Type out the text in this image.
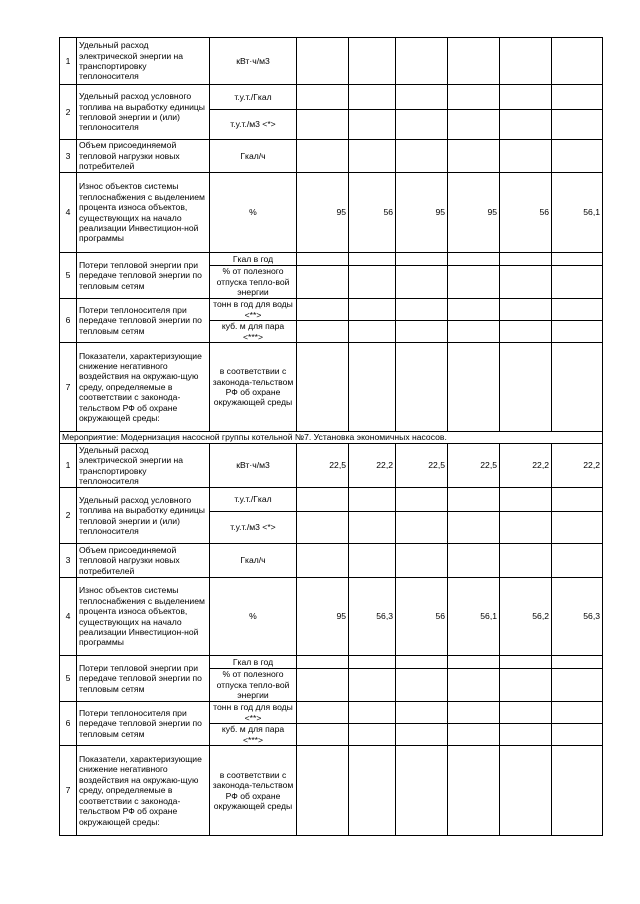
1	Удельный расход электрической энергии на транспортировку теплоносителя	кВт·ч/м3						
2	Удельный расход условного топлива на выработку единицы тепловой энергии и (или) теплоносителя	т.у.т./Гкал						
		т.у.т./м3 <*>						
3	Объем присоединяемой тепловой нагрузки новых потребителей	Гкал/ч						
4	Износ объектов системы теплоснабжения с выделением процента износа объектов, существующих на начало реализации Инвестицион-ной программы	%	95	56	95	95	56	56,1
5	Потери тепловой энергии при передаче тепловой энергии по тепловым сетям	Гкал в год						
		% от полезного отпуска тепло-вой энергии						
6	Потери теплоносителя при передаче тепловой энергии по тепловым сетям	тонн в год для воды <**>						
		куб. м для пара <***>						
7	Показатели, характеризующие снижение негативного воздействия на окружаю-щую среду, определяемые в соответствии с законода-тельством РФ об охране окружающей среды:	в соответствии с законода-тельством РФ об охране окружающей среды						
Мероприятие: Модернизация насосной группы котельной №7. Установка экономичных насосов.								
1	Удельный расход электрической энергии на транспортировку теплоносителя	кВт·ч/м3	22,5	22,2	22,5	22,5	22,2	22,2
2	Удельный расход условного топлива на выработку единицы тепловой энергии и (или) теплоносителя	т.у.т./Гкал						
		т.у.т./м3 <*>						
3	Объем присоединяемой тепловой нагрузки новых потребителей	Гкал/ч						
4	Износ объектов системы теплоснабжения с выделением процента износа объектов, существующих на начало реализации Инвестицион-ной программы	%	95	56,3	56	56,1	56,2	56,3
5	Потери тепловой энергии при передаче тепловой энергии по тепловым сетям	Гкал в год						
		% от полезного отпуска тепло-вой энергии						
6	Потери теплоносителя при передаче тепловой энергии по тепловым сетям	тонн в год для воды <**>						
		куб. м для пара <***>						
7	Показатели, характеризующие снижение негативного воздействия на окружаю-щую среду, определяемые в соответствии с законода-тельством РФ об охране окружающей среды:	в соответствии с законода-тельством РФ об охране окружающей среды						
